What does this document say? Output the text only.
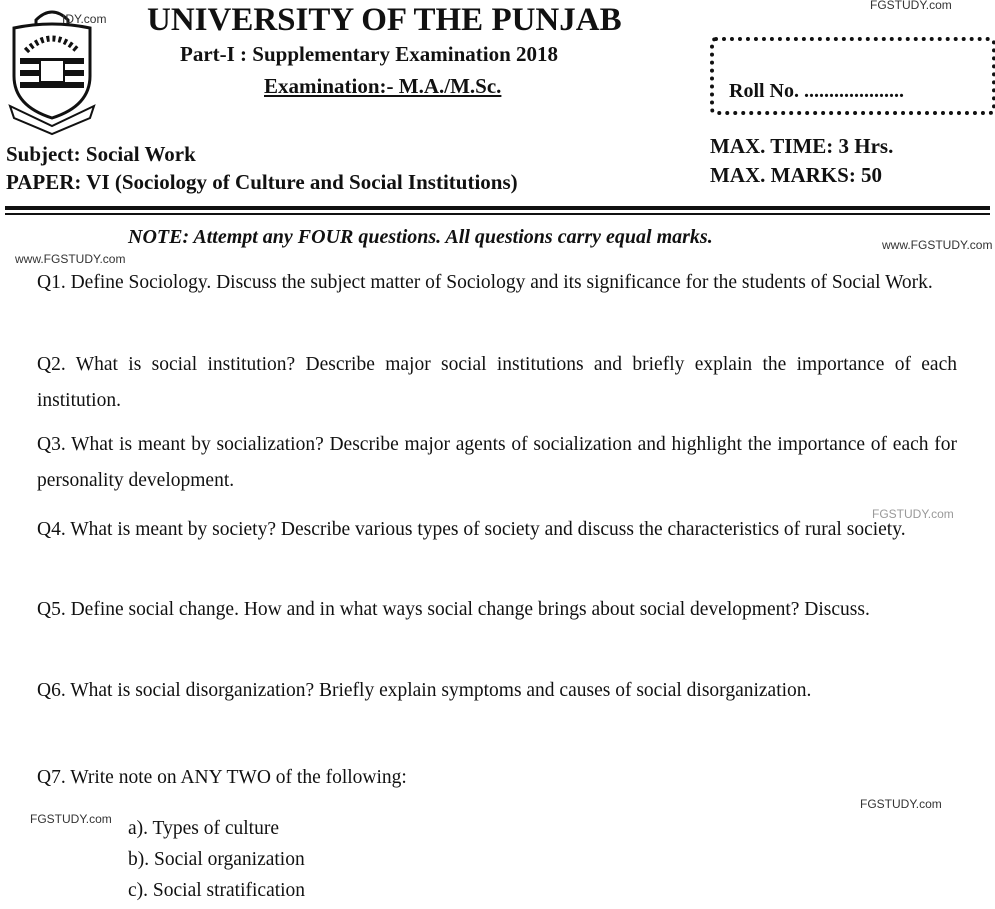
IDY.com
FGSTUDY.com
UNIVERSITY OF THE PUNJAB
Part-I : Supplementary Examination 2018
Examination:- M.A./M.Sc.	Roll No. ....................
Subject: Social Work
PAPER: VI (Sociology of Culture and Social Institutions)
MAX. TIME: 3 Hrs.
MAX. MARKS: 50
NOTE: Attempt any FOUR questions. All questions carry equal marks.	www.FGSTUDY.com
www.FGSTUDY.com
Q1. Define Sociology. Discuss the subject matter of Sociology and its significance for the students of Social Work.
Q2. What is social institution? Describe major social institutions and briefly explain the importance of each institution.
Q3. What is meant by socialization? Describe major agents of socialization and highlight the importance of each for personality development.
FGSTUDY.com
Q4. What is meant by society? Describe various types of society and discuss the characteristics of rural society.
Q5. Define social change. How and in what ways social change brings about social development? Discuss.
Q6. What is social disorganization? Briefly explain symptoms and causes of social disorganization.
Q7. Write note on ANY TWO of the following:
FGSTUDY.com
FGSTUDY.com a). Types of culture
b). Social organization
c). Social stratification
